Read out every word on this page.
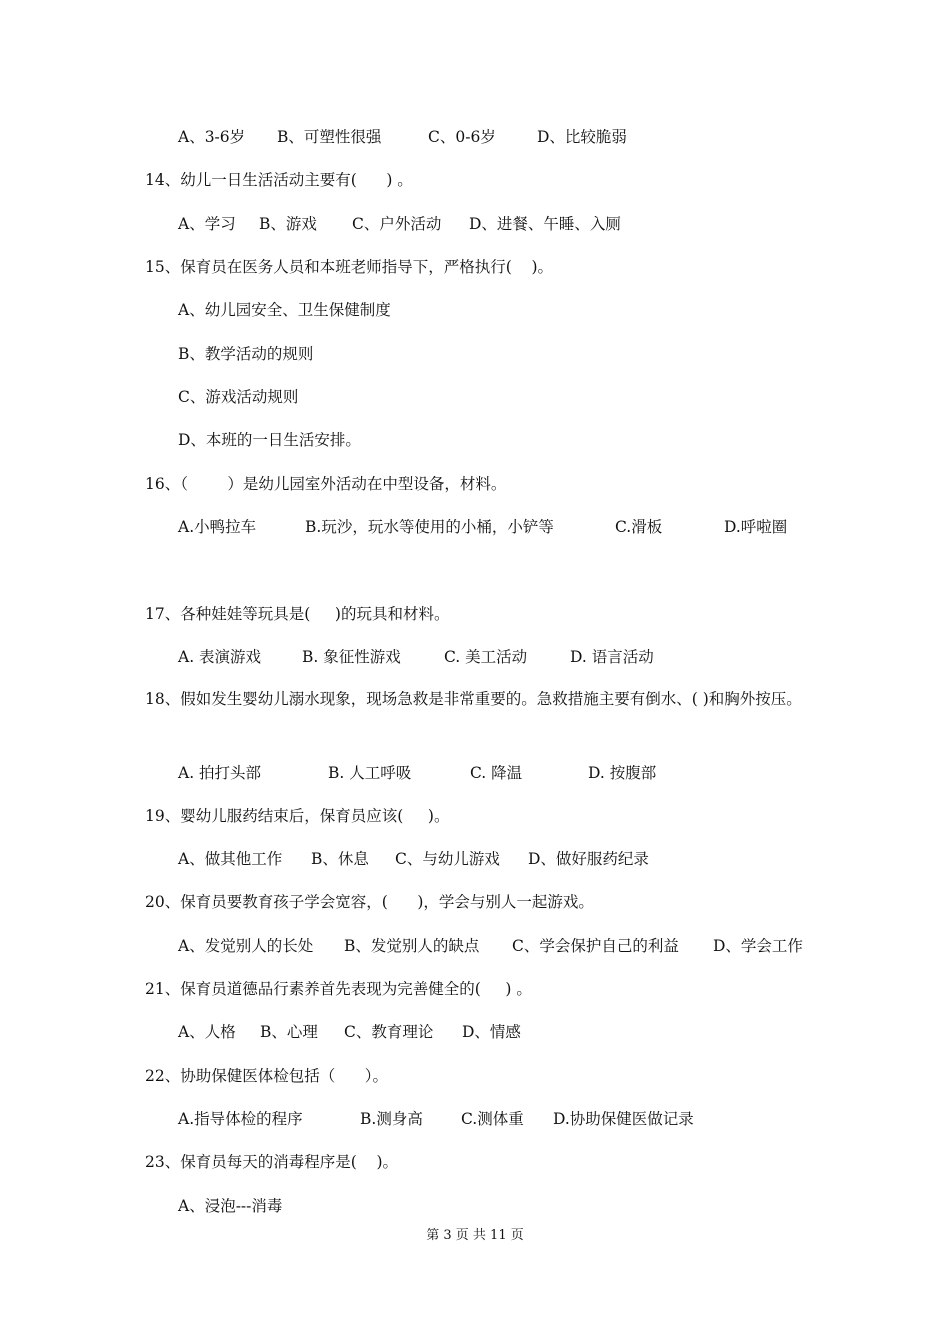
A、3-6岁

B、可塑性很强

	C、0-6岁

	D、比较脆弱

14、幼儿一日生活活动主要有(      ) 。

A、学习

B、游戏

C、户外活动

D、进餐、午睡、入厕

15、保育员在医务人员和本班老师指导下，严格执行(    )。
A、幼儿园安全、卫生保健制度
B、教学活动的规则
C、游戏活动规则
D、本班的一日生活安排。
16、（        ）是幼儿园室外活动在中型设备，材料。

A.小鸭拉车

	B.玩沙，玩水等使用的小桶，小铲等

	C.滑板

	D.呼啦圈

17、各种娃娃等玩具是(     )的玩具和材料。

A. 表演游戏

	B. 象征性游戏

	C. 美工活动

	D. 语言活动

18、假如发生婴幼儿溺水现象，现场急救是非常重要的。急救措施主要有倒水、( )和胸外按压。

A. 拍打头部

	B. 人工呼吸

	C. 降温

	D. 按腹部

19、婴幼儿服药结束后，保育员应该(     )。

A、做其他工作

B、休息

C、与幼儿游戏

D、做好服药纪录

20、保育员要教育孩子学会宽容，(      )，学会与别人一起游戏。

A、发觉别人的长处

B、发觉别人的缺点

C、学会保护自己的利益

D、学会工作

21、保育员道德品行素养首先表现为完善健全的(     ) 。

A、人格

B、心理

C、教育理论

D、情感

22、协助保健医体检包括（      ）。

A.指导体检的程序

	B.测身高

C.测体重

D.协助保健医做记录

23、保育员每天的消毒程序是(    )。
A、浸泡---消毒
第 3 页 共 11 页
